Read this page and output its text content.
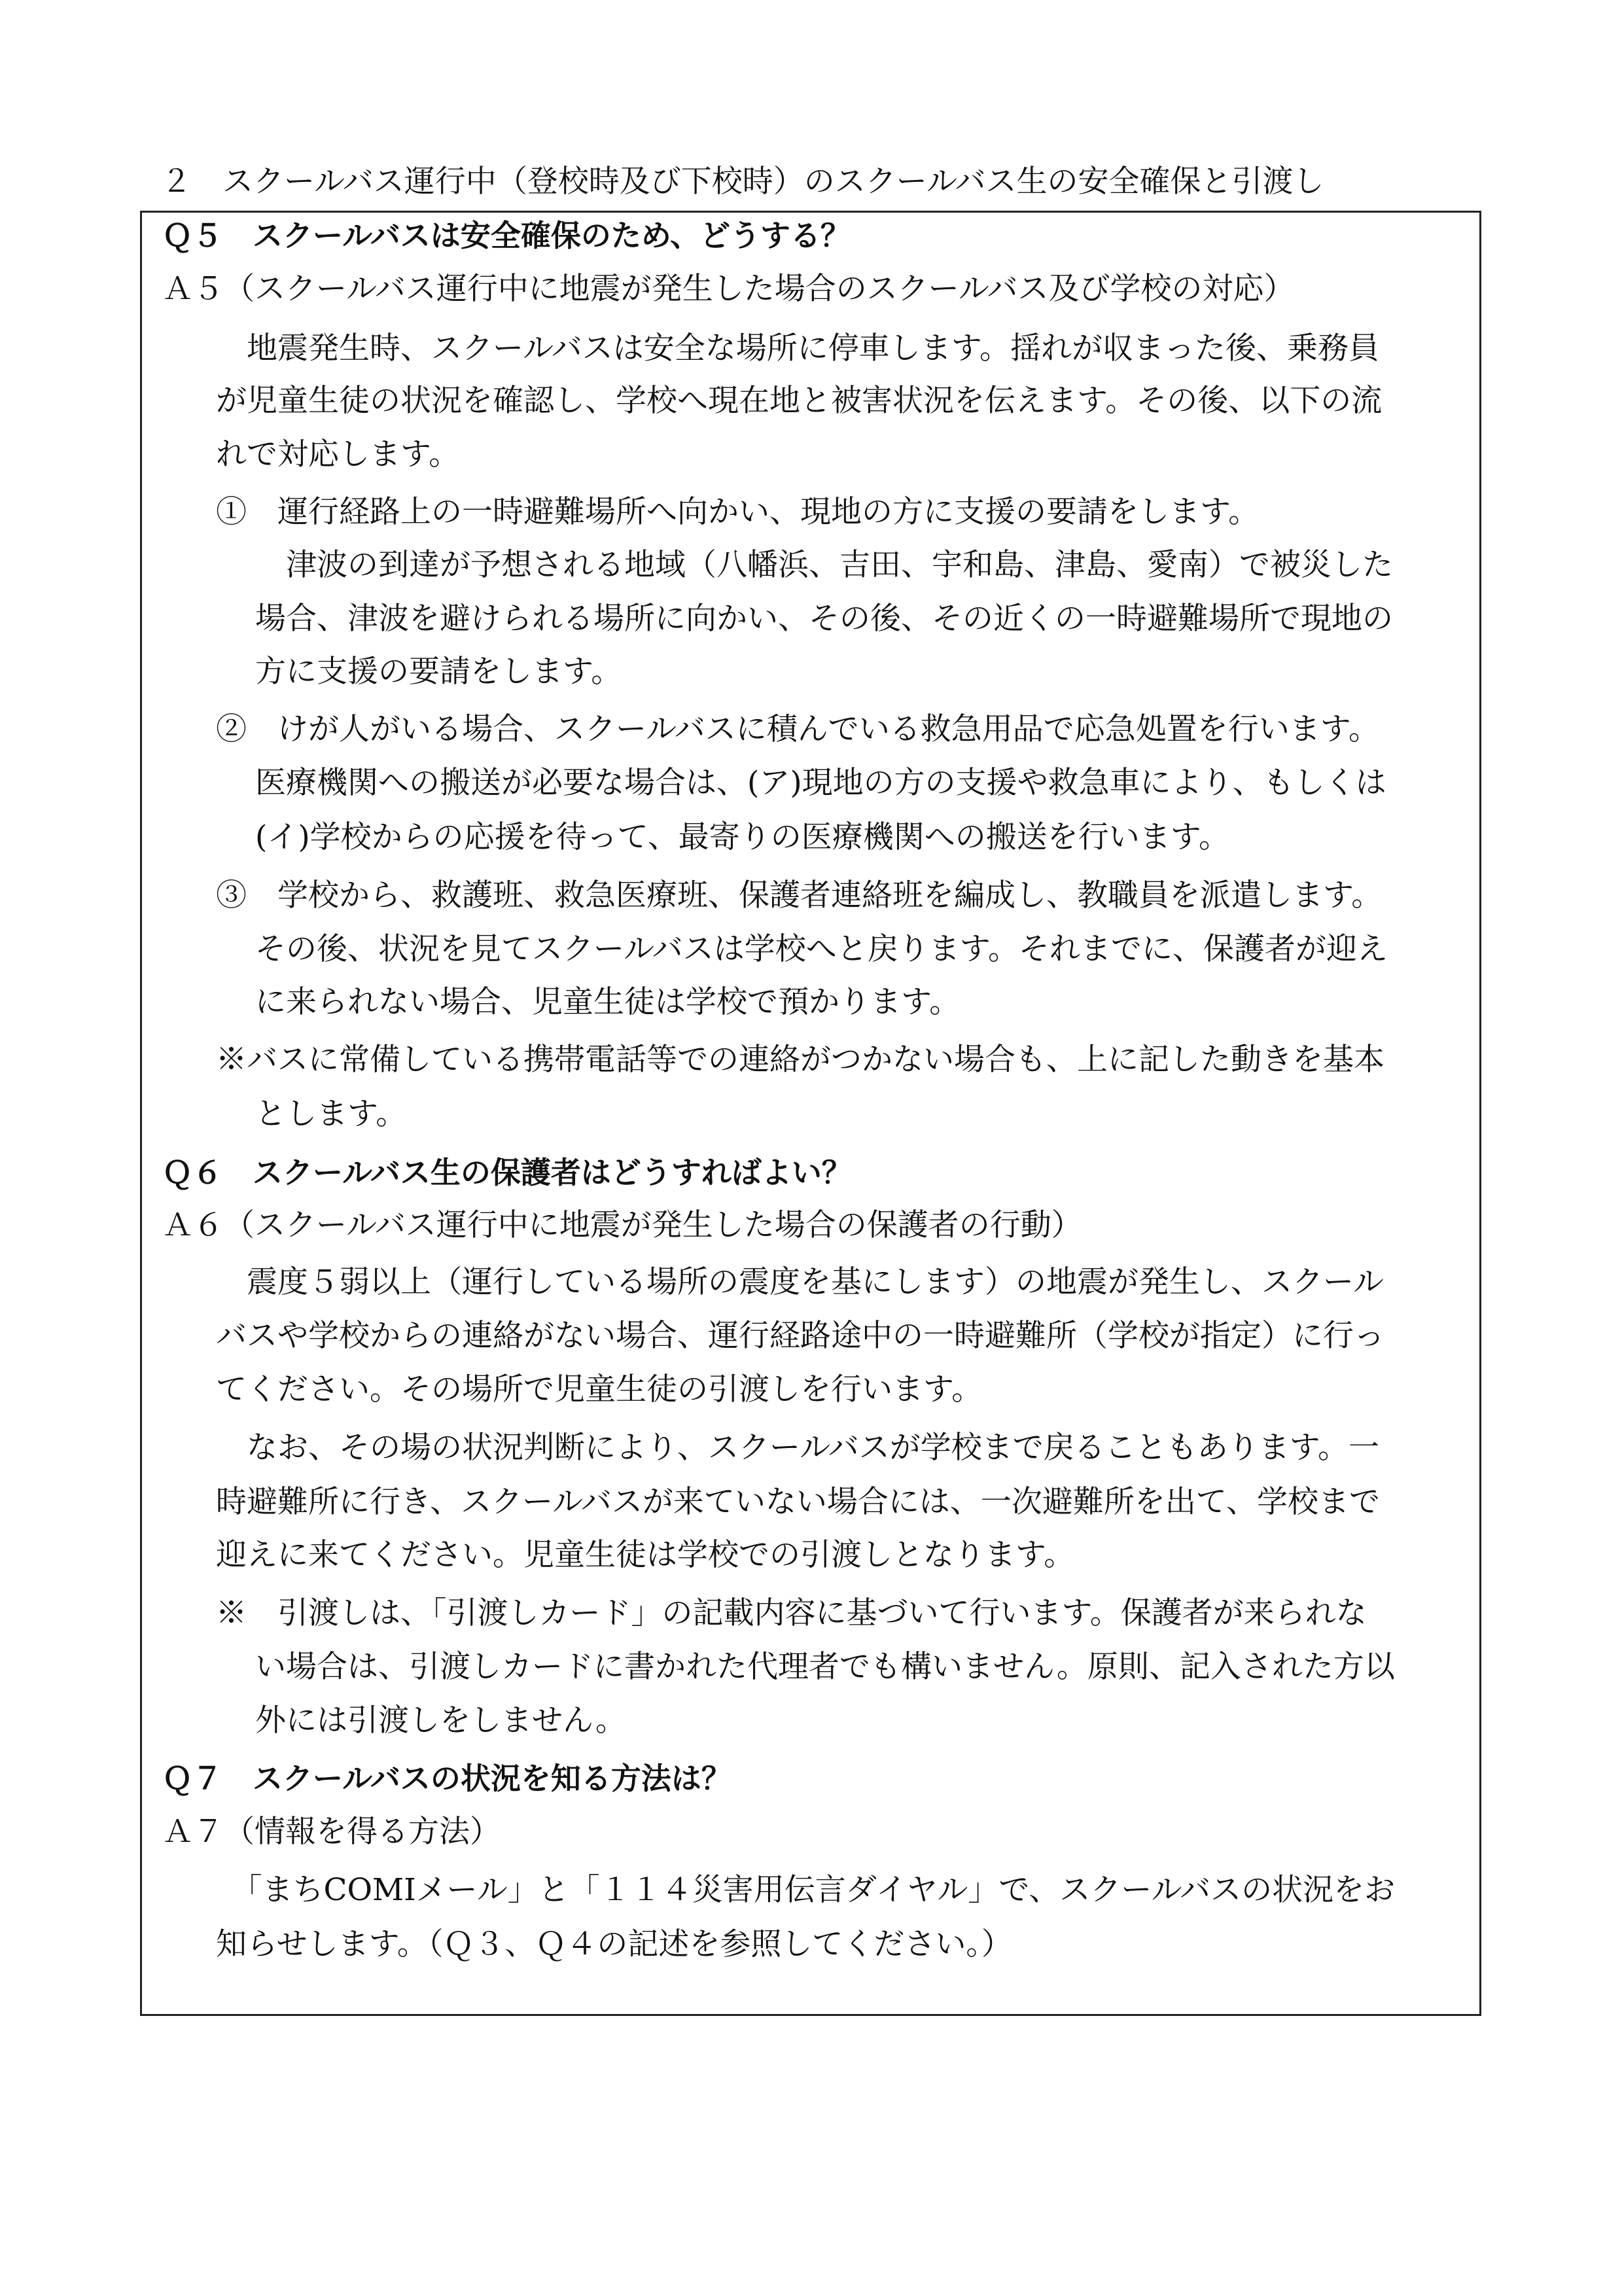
２　スクールバス運行中（登校時及び下校時）のスクールバス生の安全確保と引渡し
Ｑ５　スクールバスは安全確保のため、どうする？
Ａ５（スクールバス運行中に地震が発生した場合のスクールバス及び学校の対応）
　地震発生時、スクールバスは安全な場所に停車します。揺れが収まった後、乗務員
が児童生徒の状況を確認し、学校へ現在地と被害状況を伝えます。その後、以下の流
れで対応します。
①　運行経路上の一時避難場所へ向かい、現地の方に支援の要請をします。
　津波の到達が予想される地域（八幡浜、吉田、宇和島、津島、愛南）で被災した
場合、津波を避けられる場所に向かい、その後、その近くの一時避難場所で現地の
方に支援の要請をします。
②　けが人がいる場合、スクールバスに積んでいる救急用品で応急処置を行います。
医療機関への搬送が必要な場合は、(ア)現地の方の支援や救急車により、もしくは
(イ)学校からの応援を待って、最寄りの医療機関への搬送を行います。
③　学校から、救護班、救急医療班、保護者連絡班を編成し、教職員を派遣します。
その後、状況を見てスクールバスは学校へと戻ります。それまでに、保護者が迎え
に来られない場合、児童生徒は学校で預かります。
※バスに常備している携帯電話等での連絡がつかない場合も、上に記した動きを基本
とします。
Ｑ６　スクールバス生の保護者はどうすればよい？
Ａ６（スクールバス運行中に地震が発生した場合の保護者の行動）
　震度５弱以上（運行している場所の震度を基にします）の地震が発生し、スクール
バスや学校からの連絡がない場合、運行経路途中の一時避難所（学校が指定）に行っ
てください。その場所で児童生徒の引渡しを行います。
　なお、その場の状況判断により、スクールバスが学校まで戻ることもあります。一
時避難所に行き、スクールバスが来ていない場合には、一次避難所を出て、学校まで
迎えに来てください。児童生徒は学校での引渡しとなります。
※　引渡しは、「引渡しカード」の記載内容に基づいて行います。保護者が来られな
い場合は、引渡しカードに書かれた代理者でも構いません。原則、記入された方以
外には引渡しをしません。
Ｑ７　スクールバスの状況を知る方法は？
Ａ７（情報を得る方法）
　「まちCOMIメール」と「１１４災害用伝言ダイヤル」で、スクールバスの状況をお
知らせします。（Ｑ３、Ｑ４の記述を参照してください。）
